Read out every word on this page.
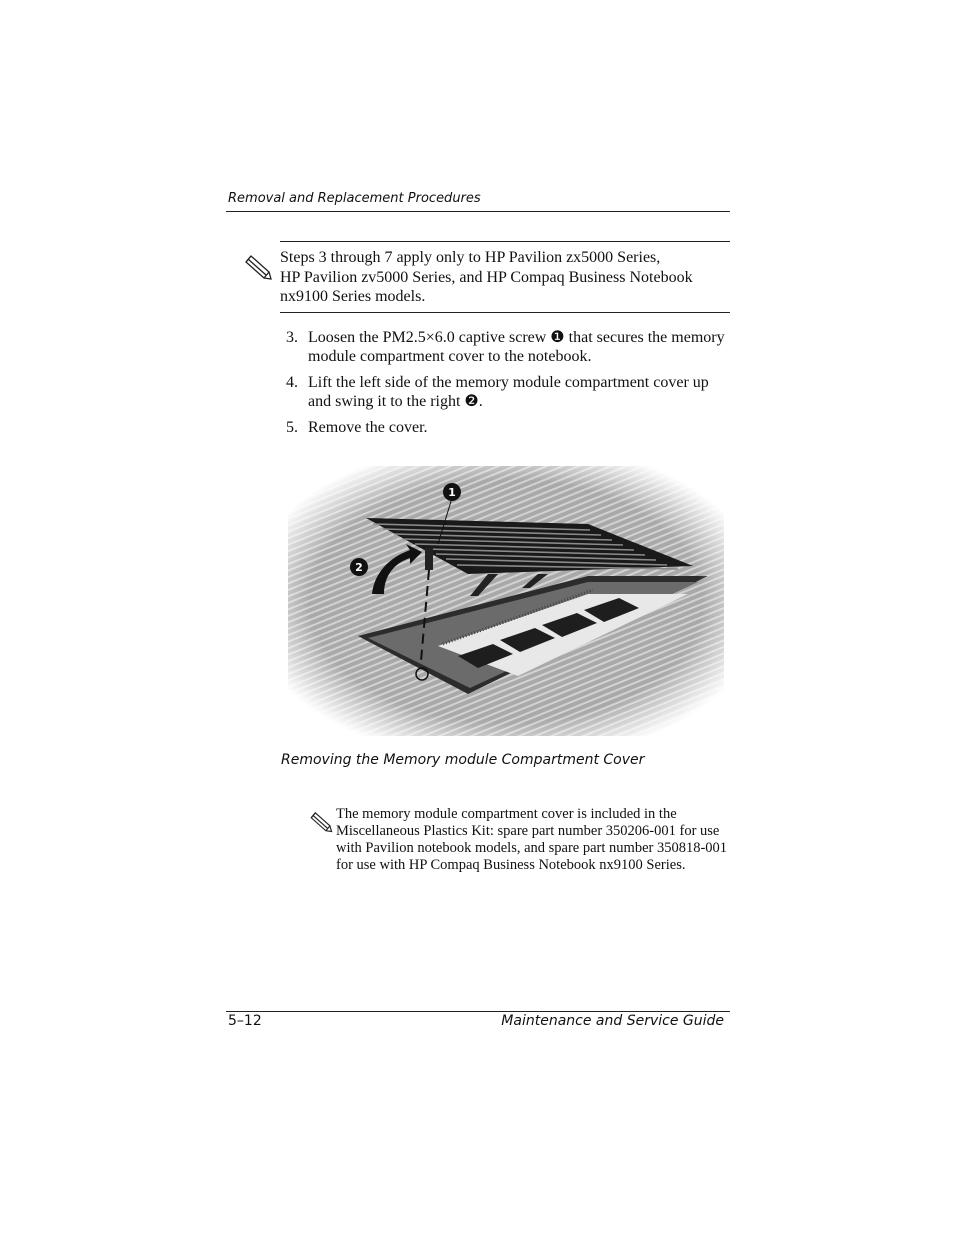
Removal and Replacement Procedures
Steps 3 through 7 apply only to HP Pavilion zx5000 Series,
HP Pavilion zv5000 Series, and HP Compaq Business Notebook
nx9100 Series models.
3. Loosen the PM2.5×6.0 captive screw ❶ that secures the memory module compartment cover to the notebook.
4. Lift the left side of the memory module compartment cover up and swing it to the right ❷.
5. Remove the cover.
Removing the Memory module Compartment Cover
The memory module compartment cover is included in the Miscellaneous Plastics Kit: spare part number 350206-001 for use with Pavilion notebook models, and spare part number 350818-001 for use with HP Compaq Business Notebook nx9100 Series.
5–12	Maintenance and Service Guide
